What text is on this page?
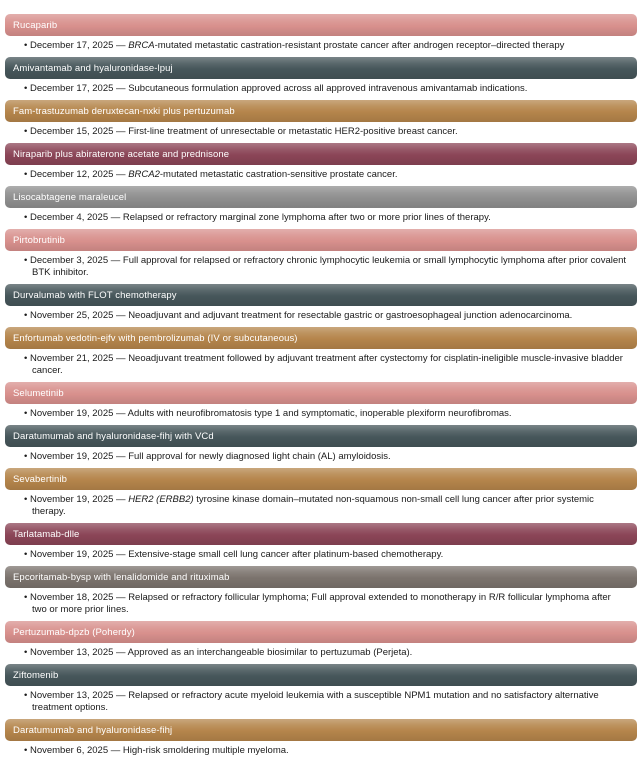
Rucaparib
• December 17, 2025 — BRCA-mutated metastatic castration-resistant prostate cancer after androgen receptor–directed therapy
Amivantamab and hyaluronidase-lpuj
• December 17, 2025 — Subcutaneous formulation approved across all approved intravenous amivantamab indications.
Fam-trastuzumab deruxtecan-nxki plus pertuzumab
• December 15, 2025 — First-line treatment of unresectable or metastatic HER2-positive breast cancer.
Niraparib plus abiraterone acetate and prednisone
• December 12, 2025 — BRCA2-mutated metastatic castration-sensitive prostate cancer.
Lisocabtagene maraleucel
• December 4, 2025 — Relapsed or refractory marginal zone lymphoma after two or more prior lines of therapy.
Pirtobrutinib
• December 3, 2025 — Full approval for relapsed or refractory chronic lymphocytic leukemia or small lymphocytic lymphoma after prior covalent BTK inhibitor.
Durvalumab with FLOT chemotherapy
• November 25, 2025 — Neoadjuvant and adjuvant treatment for resectable gastric or gastroesophageal junction adenocarcinoma.
Enfortumab vedotin-ejfv with pembrolizumab (IV or subcutaneous)
• November 21, 2025 — Neoadjuvant treatment followed by adjuvant treatment after cystectomy for cisplatin-ineligible muscle-invasive bladder cancer.
Selumetinib
• November 19, 2025 — Adults with neurofibromatosis type 1 and symptomatic, inoperable plexiform neurofibromas.
Daratumumab and hyaluronidase-fihj with VCd
• November 19, 2025 — Full approval for newly diagnosed light chain (AL) amyloidosis.
Sevabertinib
• November 19, 2025 — HER2 (ERBB2) tyrosine kinase domain–mutated non-squamous non-small cell lung cancer after prior systemic therapy.
Tarlatamab-dlle
• November 19, 2025 — Extensive-stage small cell lung cancer after platinum-based chemotherapy.
Epcoritamab-bysp with lenalidomide and rituximab
• November 18, 2025 — Relapsed or refractory follicular lymphoma; Full approval extended to monotherapy in R/R follicular lymphoma after two or more prior lines.
Pertuzumab-dpzb (Poherdy)
• November 13, 2025 — Approved as an interchangeable biosimilar to pertuzumab (Perjeta).
Ziftomenib
• November 13, 2025 — Relapsed or refractory acute myeloid leukemia with a susceptible NPM1 mutation and no satisfactory alternative treatment options.
Daratumumab and hyaluronidase-fihj
• November 6, 2025 — High-risk smoldering multiple myeloma.
